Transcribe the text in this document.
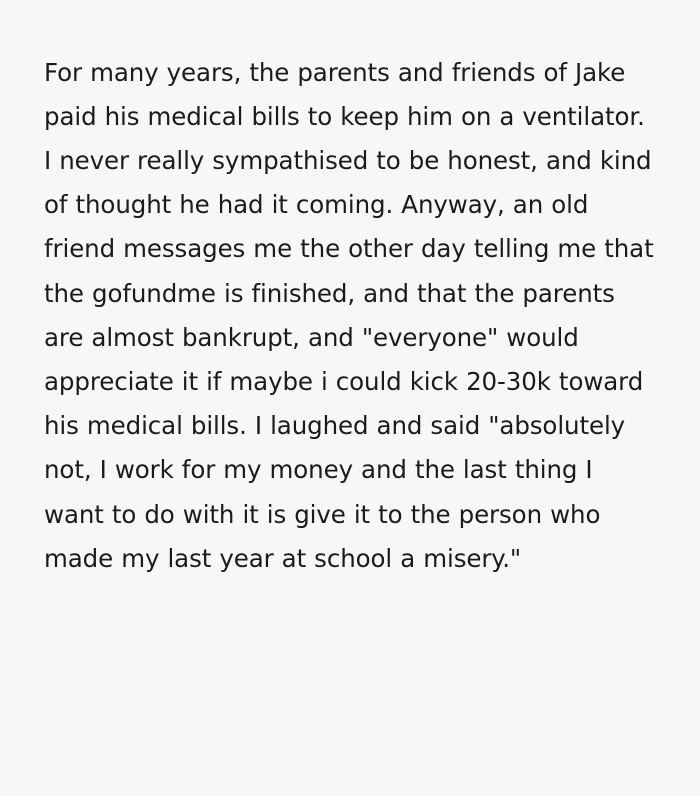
For many years, the parents and friends of Jake paid his medical bills to keep him on a ventilator. I never really sympathised to be honest, and kind of thought he had it coming. Anyway, an old friend messages me the other day telling me that the gofundme is finished, and that the parents are almost bankrupt, and "everyone" would appreciate it if maybe i could kick 20-30k toward his medical bills. I laughed and said "absolutely not, I work for my money and the last thing I want to do with it is give it to the person who made my last year at school a misery."
